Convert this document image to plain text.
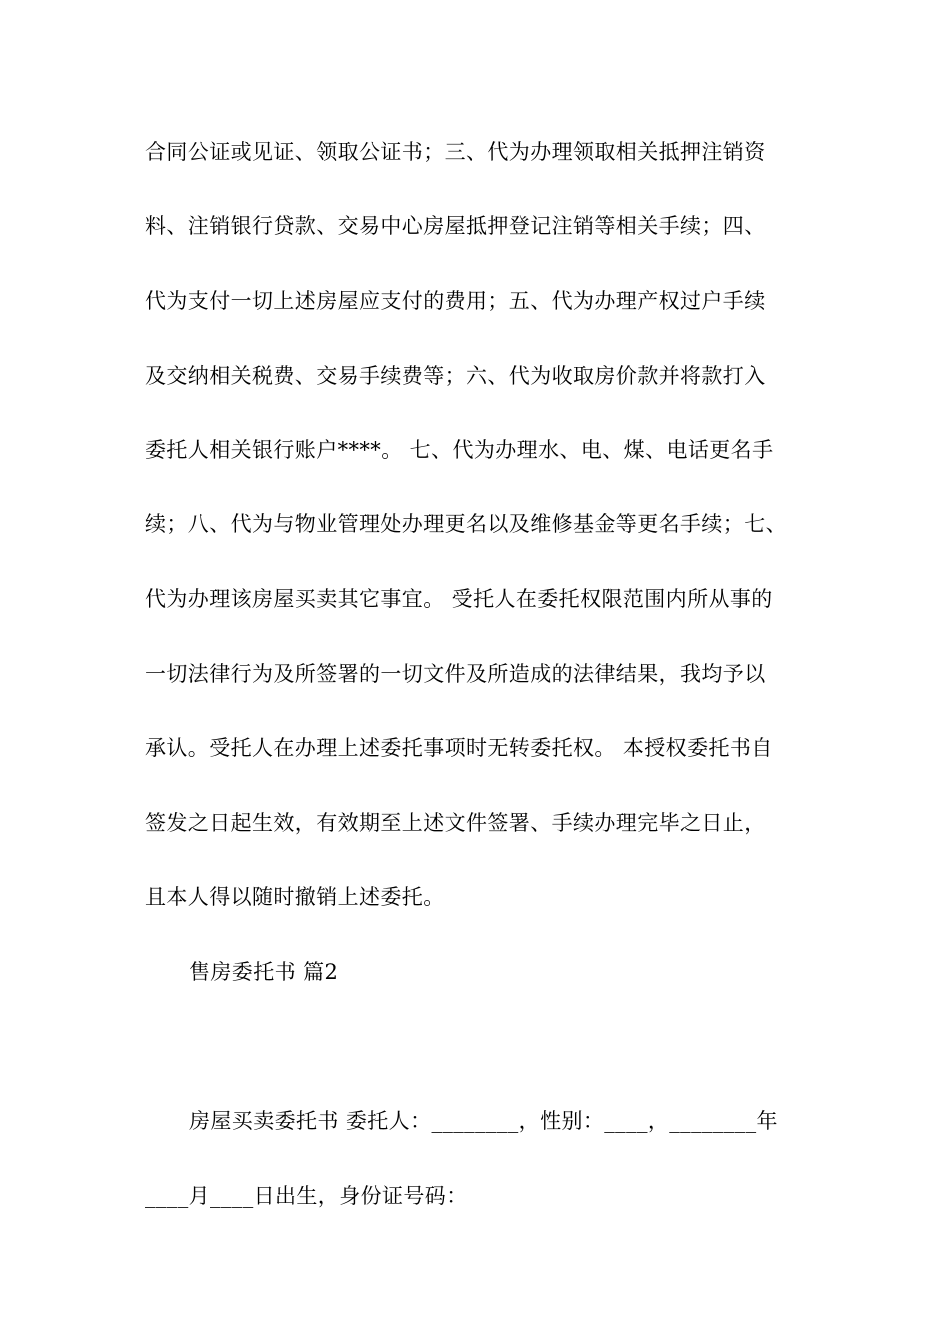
合同公证或见证、领取公证书；三、代为办理领取相关抵押注销资
料、注销银行贷款、交易中心房屋抵押登记注销等相关手续；四、
代为支付一切上述房屋应支付的费用；五、代为办理产权过户手续
及交纳相关税费、交易手续费等；六、代为收取房价款并将款打入
委托人相关银行账户****。 七、代为办理水、电、煤、电话更名手
续；八、代为与物业管理处办理更名以及维修基金等更名手续；七、
代为办理该房屋买卖其它事宜。 受托人在委托权限范围内所从事的
一切法律行为及所签署的一切文件及所造成的法律结果，我均予以
承认。受托人在办理上述委托事项时无转委托权。 本授权委托书自
签发之日起生效，有效期至上述文件签署、手续办理完毕之日止，
且本人得以随时撤销上述委托。
售房委托书 篇2
房屋买卖委托书 委托人：________，性别：____，________年
____月____日出生，身份证号码：
